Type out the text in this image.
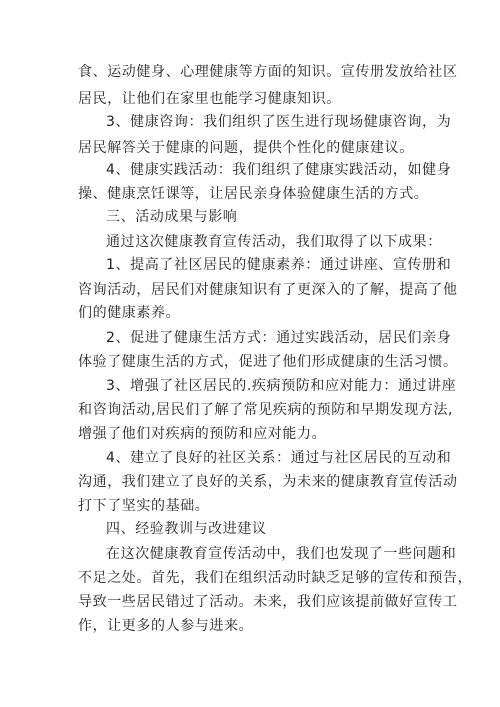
食、运动健身、心理健康等方面的知识。宣传册发放给社区
居民，让他们在家里也能学习健康知识。
3、健康咨询：我们组织了医生进行现场健康咨询，为
居民解答关于健康的问题，提供个性化的健康建议。
4、健康实践活动：我们组织了健康实践活动，如健身
操、健康烹饪课等，让居民亲身体验健康生活的方式。
三、活动成果与影响
通过这次健康教育宣传活动，我们取得了以下成果：
1、提高了社区居民的健康素养：通过讲座、宣传册和
咨询活动，居民们对健康知识有了更深入的了解，提高了他
们的健康素养。
2、促进了健康生活方式：通过实践活动，居民们亲身
体验了健康生活的方式，促进了他们形成健康的生活习惯。
3、增强了社区居民的.疾病预防和应对能力：通过讲座
和咨询活动,居民们了解了常见疾病的预防和早期发现方法,
增强了他们对疾病的预防和应对能力。
4、建立了良好的社区关系：通过与社区居民的互动和
沟通，我们建立了良好的关系，为未来的健康教育宣传活动
打下了坚实的基础。
四、经验教训与改进建议
在这次健康教育宣传活动中，我们也发现了一些问题和
不足之处。首先，我们在组织活动时缺乏足够的宣传和预告，
导致一些居民错过了活动。未来，我们应该提前做好宣传工
作，让更多的人参与进来。
